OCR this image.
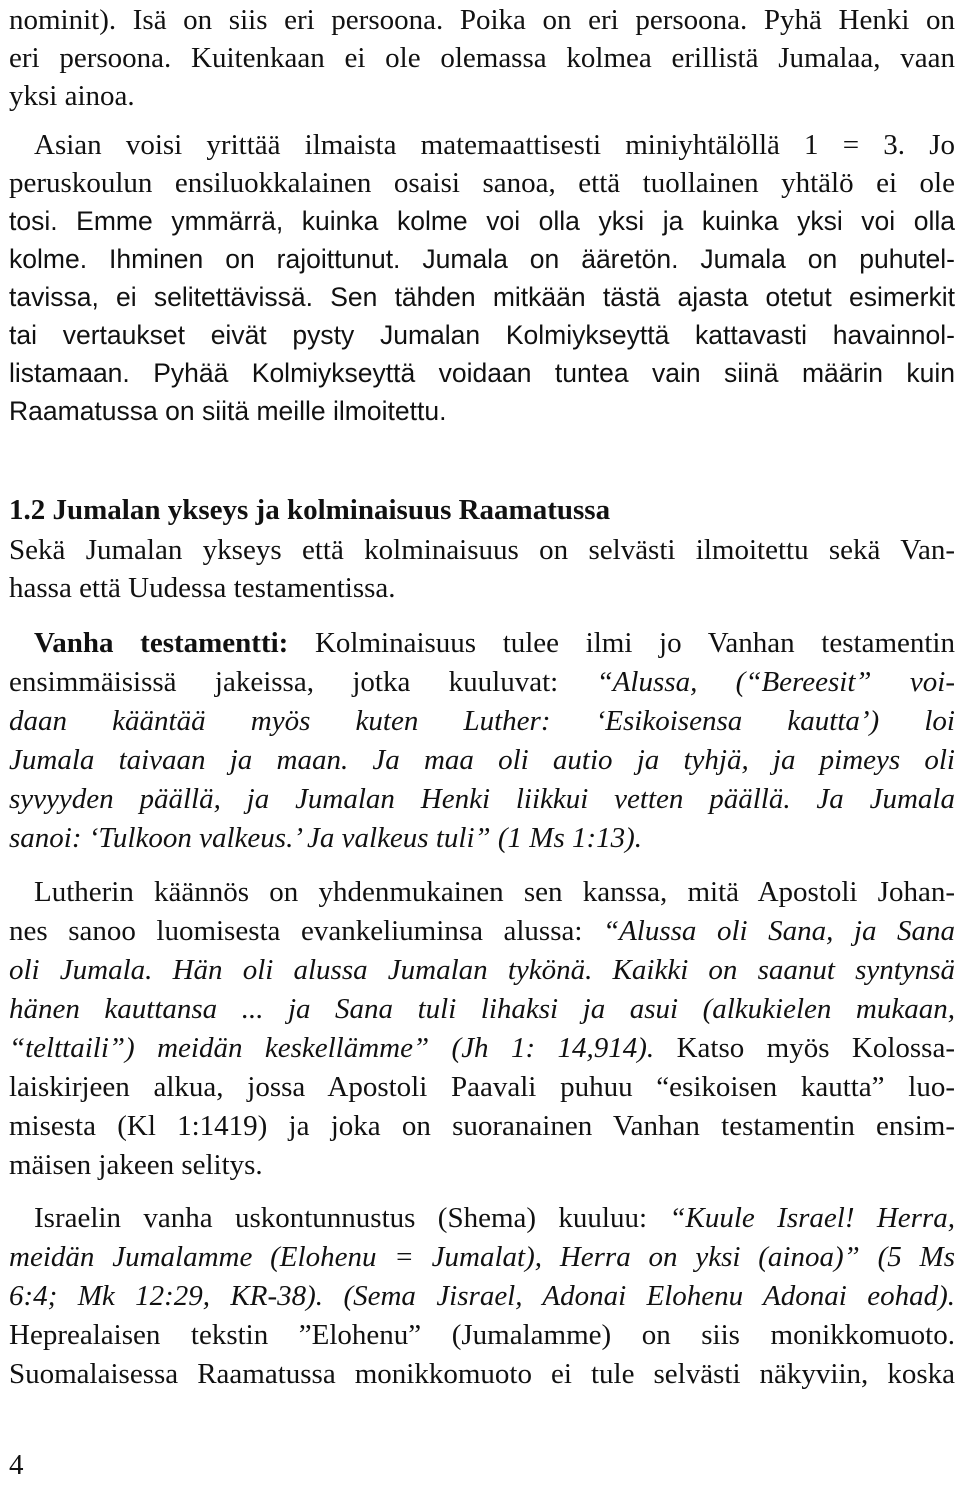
nominit). Isä on siis eri persoona. Poika on eri persoona. Pyhä Henki on
eri persoona. Kuitenkaan ei ole olemassa kolmea erillistä Jumalaa, vaan
yksi ainoa.
Asian voisi yrittää ilmaista matemaattisesti miniyhtälöllä 1 = 3. Jo
peruskoulun ensiluokkalainen osaisi sanoa, että tuollainen yhtälö ei ole
tosi. Emme ymmärrä, kuinka kolme voi olla yksi ja kuinka yksi voi olla
kolme. Ihminen on rajoittunut. Jumala on ääretön. Jumala on puhutel-
tavissa, ei selitettävissä. Sen tähden mitkään tästä ajasta otetut esimerkit
tai vertaukset eivät pysty Jumalan Kolmiykseyttä kattavasti havainnol-
listamaan. Pyhää Kolmiykseyttä voidaan tuntea vain siinä määrin kuin
Raamatussa on siitä meille ilmoitettu.
1.2 Jumalan ykseys ja kolminaisuus Raamatussa
Sekä Jumalan ykseys että kolminaisuus on selvästi ilmoitettu sekä Van-
hassa että Uudessa testamentissa.
Vanha testamentti: Kolminaisuus tulee ilmi jo Vanhan testamentin
ensimmäisissä jakeissa, jotka kuuluvat: “Alussa, (“Bereesit” voi-
daan kääntää myös kuten Luther: ‘Esikoisensa kautta’) loi
Jumala taivaan ja maan. Ja maa oli autio ja tyhjä, ja pimeys oli
syvyyden päällä, ja Jumalan Henki liikkui vetten päällä. Ja Jumala
sanoi: ‘Tulkoon valkeus.’ Ja valkeus tuli” (1 Ms 1:13).
Lutherin käännös on yhdenmukainen sen kanssa, mitä Apostoli Johan-
nes sanoo luomisesta evankeliuminsa alussa: “Alussa oli Sana, ja Sana
oli Jumala. Hän oli alussa Jumalan tykönä. Kaikki on saanut syntynsä
hänen kauttansa ... ja Sana tuli lihaksi ja asui (alkukielen mukaan,
“telttaili”) meidän keskellämme” (Jh 1: 14,914). Katso myös Kolossa-
laiskirjeen alkua, jossa Apostoli Paavali puhuu “esikoisen kautta” luo-
misesta (Kl 1:1419) ja joka on suoranainen Vanhan testamentin ensim-
mäisen jakeen selitys.
Israelin vanha uskontunnustus (Shema) kuuluu: “Kuule Israel! Herra,
meidän Jumalamme (Elohenu = Jumalat), Herra on yksi (ainoa)” (5 Ms
6:4; Mk 12:29, KR-38). (Sema Jisrael, Adonai Elohenu Adonai eohad).
Heprealaisen tekstin ”Elohenu” (Jumalamme) on siis monikkomuoto.
Suomalaisessa Raamatussa monikkomuoto ei tule selvästi näkyviin, koska
4
